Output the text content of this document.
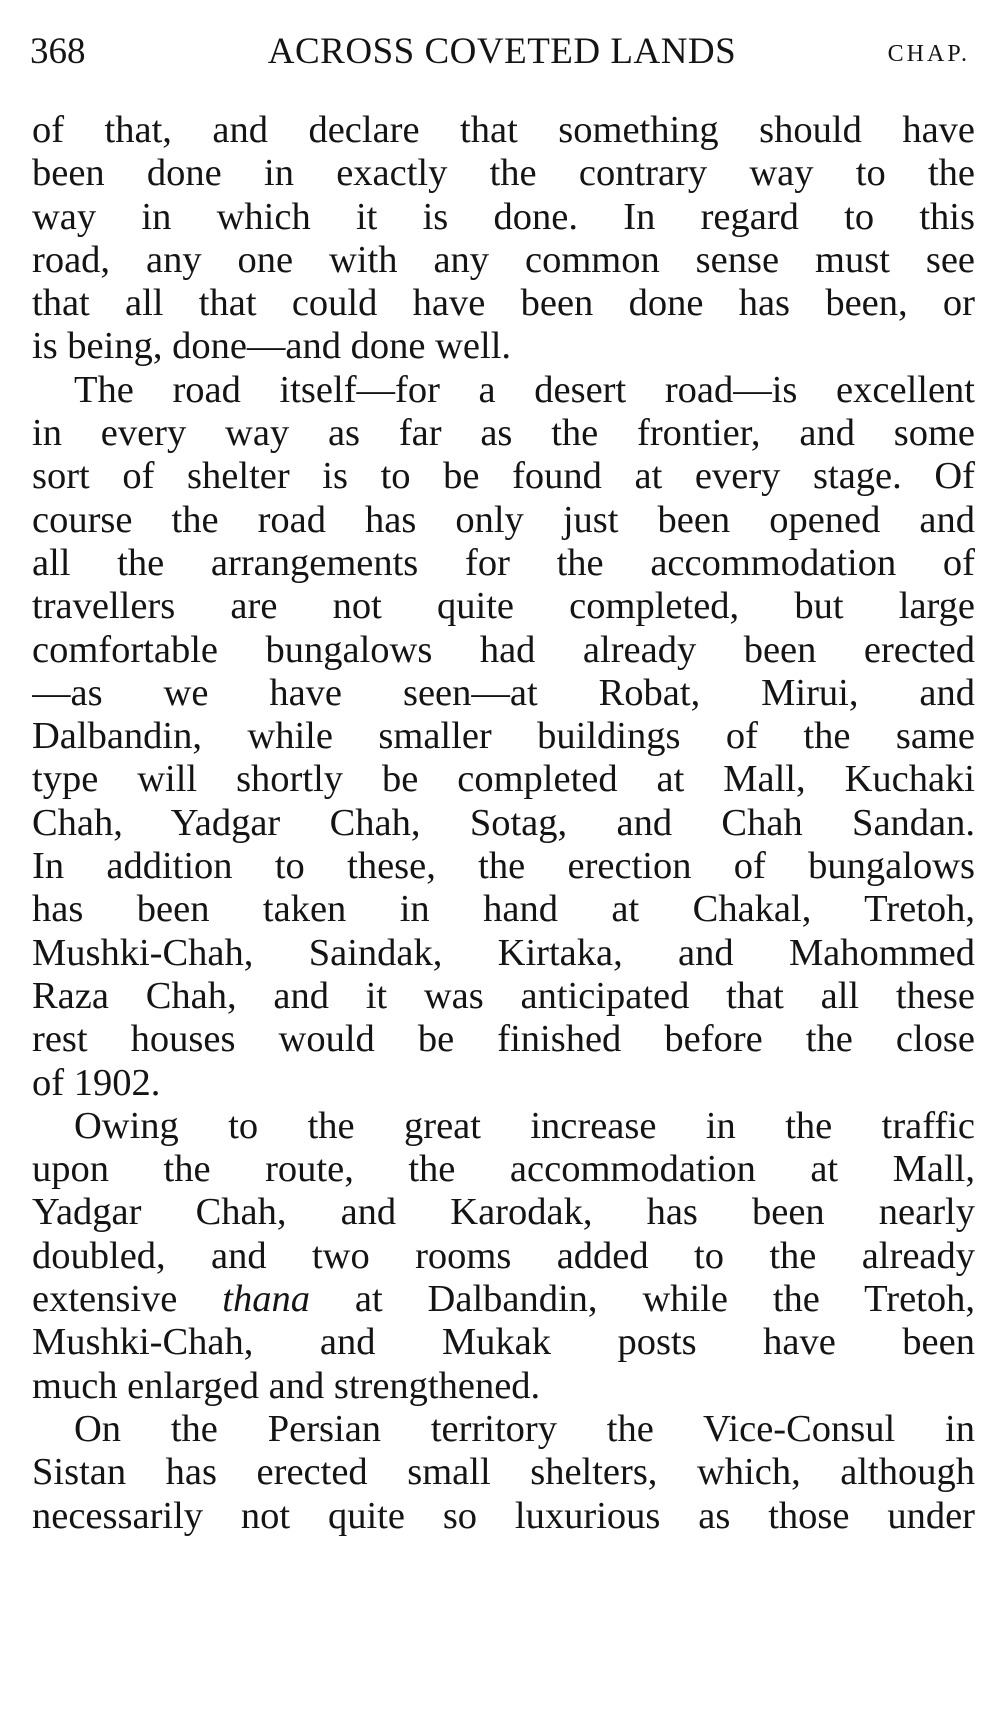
368	ACROSS COVETED LANDS	CHAP.
of that, and declare that something should have
been done in exactly the contrary way to the
way in which it is done. In regard to this
road, any one with any common sense must see
that all that could have been done has been, or
is being, done—and done well.
The road itself—for a desert road—is excellent
in every way as far as the frontier, and some
sort of shelter is to be found at every stage. Of
course the road has only just been opened and
all the arrangements for the accommodation of
travellers are not quite completed, but large
comfortable bungalows had already been erected
—as we have seen—at Robat, Mirui, and
Dalbandin, while smaller buildings of the same
type will shortly be completed at Mall, Kuchaki
Chah, Yadgar Chah, Sotag, and Chah Sandan.
In addition to these, the erection of bungalows
has been taken in hand at Chakal, Tretoh,
Mushki-Chah, Saindak, Kirtaka, and Mahommed
Raza Chah, and it was anticipated that all these
rest houses would be finished before the close
of 1902.
Owing to the great increase in the traffic
upon the route, the accommodation at Mall,
Yadgar Chah, and Karodak, has been nearly
doubled, and two rooms added to the already
extensive thana at Dalbandin, while the Tretoh,
Mushki-Chah, and Mukak posts have been
much enlarged and strengthened.
On the Persian territory the Vice-Consul in
Sistan has erected small shelters, which, although
necessarily not quite so luxurious as those under
